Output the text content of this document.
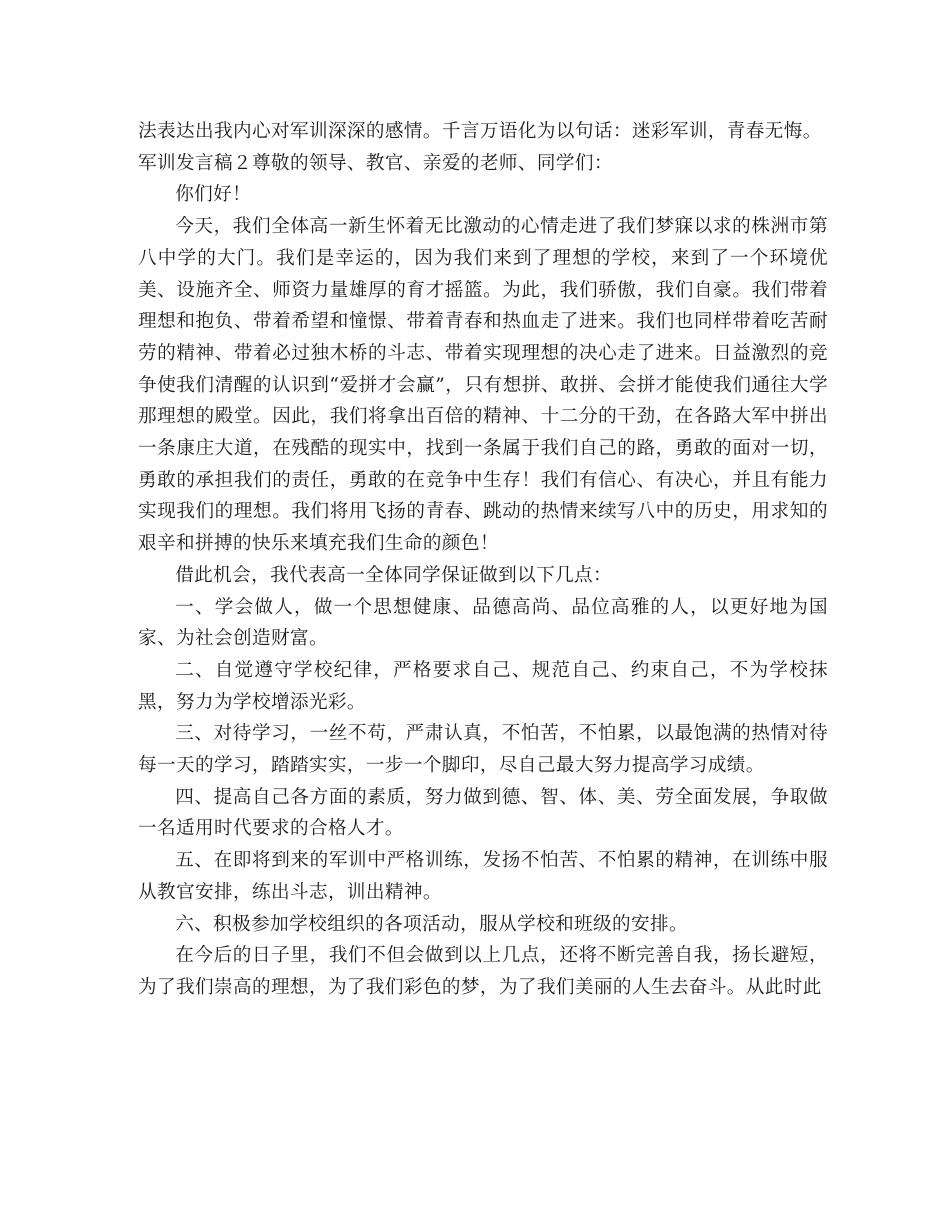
法表达出我内心对军训深深的感情。千言万语化为以句话：迷彩军训，青春无悔。

军训发言稿２尊敬的领导、教官、亲爱的老师、同学们：

你们好！

今天，我们全体高一新生怀着无比激动的心情走进了我们梦寐以求的株洲市第八中学的大门。我们是幸运的，因为我们来到了理想的学校，来到了一个环境优美、设施齐全、师资力量雄厚的育才摇篮。为此，我们骄傲，我们自豪。我们带着理想和抱负、带着希望和憧憬、带着青春和热血走了进来。我们也同样带着吃苦耐劳的精神、带着必过独木桥的斗志、带着实现理想的决心走了进来。日益激烈的竞争使我们清醒的认识到“爱拼才会赢”，只有想拼、敢拼、会拼才能使我们通往大学那理想的殿堂。因此，我们将拿出百倍的精神、十二分的干劲，在各路大军中拼出一条康庄大道，在残酷的现实中，找到一条属于我们自己的路，勇敢的面对一切，勇敢的承担我们的责任，勇敢的在竞争中生存！我们有信心、有决心，并且有能力实现我们的理想。我们将用飞扬的青春、跳动的热情来续写八中的历史，用求知的艰辛和拼搏的快乐来填充我们生命的颜色！

借此机会，我代表高一全体同学保证做到以下几点：

一、学会做人，做一个思想健康、品德高尚、品位高雅的人，以更好地为国家、为社会创造财富。

二、自觉遵守学校纪律，严格要求自己、规范自己、约束自己，不为学校抹黑，努力为学校增添光彩。

三、对待学习，一丝不苟，严肃认真，不怕苦，不怕累，以最饱满的热情对待每一天的学习，踏踏实实，一步一个脚印，尽自己最大努力提高学习成绩。

四、提高自己各方面的素质，努力做到德、智、体、美、劳全面发展，争取做一名适用时代要求的合格人才。

五、在即将到来的军训中严格训练，发扬不怕苦、不怕累的精神，在训练中服从教官安排，练出斗志，训出精神。

六、积极参加学校组织的各项活动，服从学校和班级的安排。

在今后的日子里，我们不但会做到以上几点，还将不断完善自我，扬长避短，为了我们崇高的理想，为了我们彩色的梦，为了我们美丽的人生去奋斗。从此时此
